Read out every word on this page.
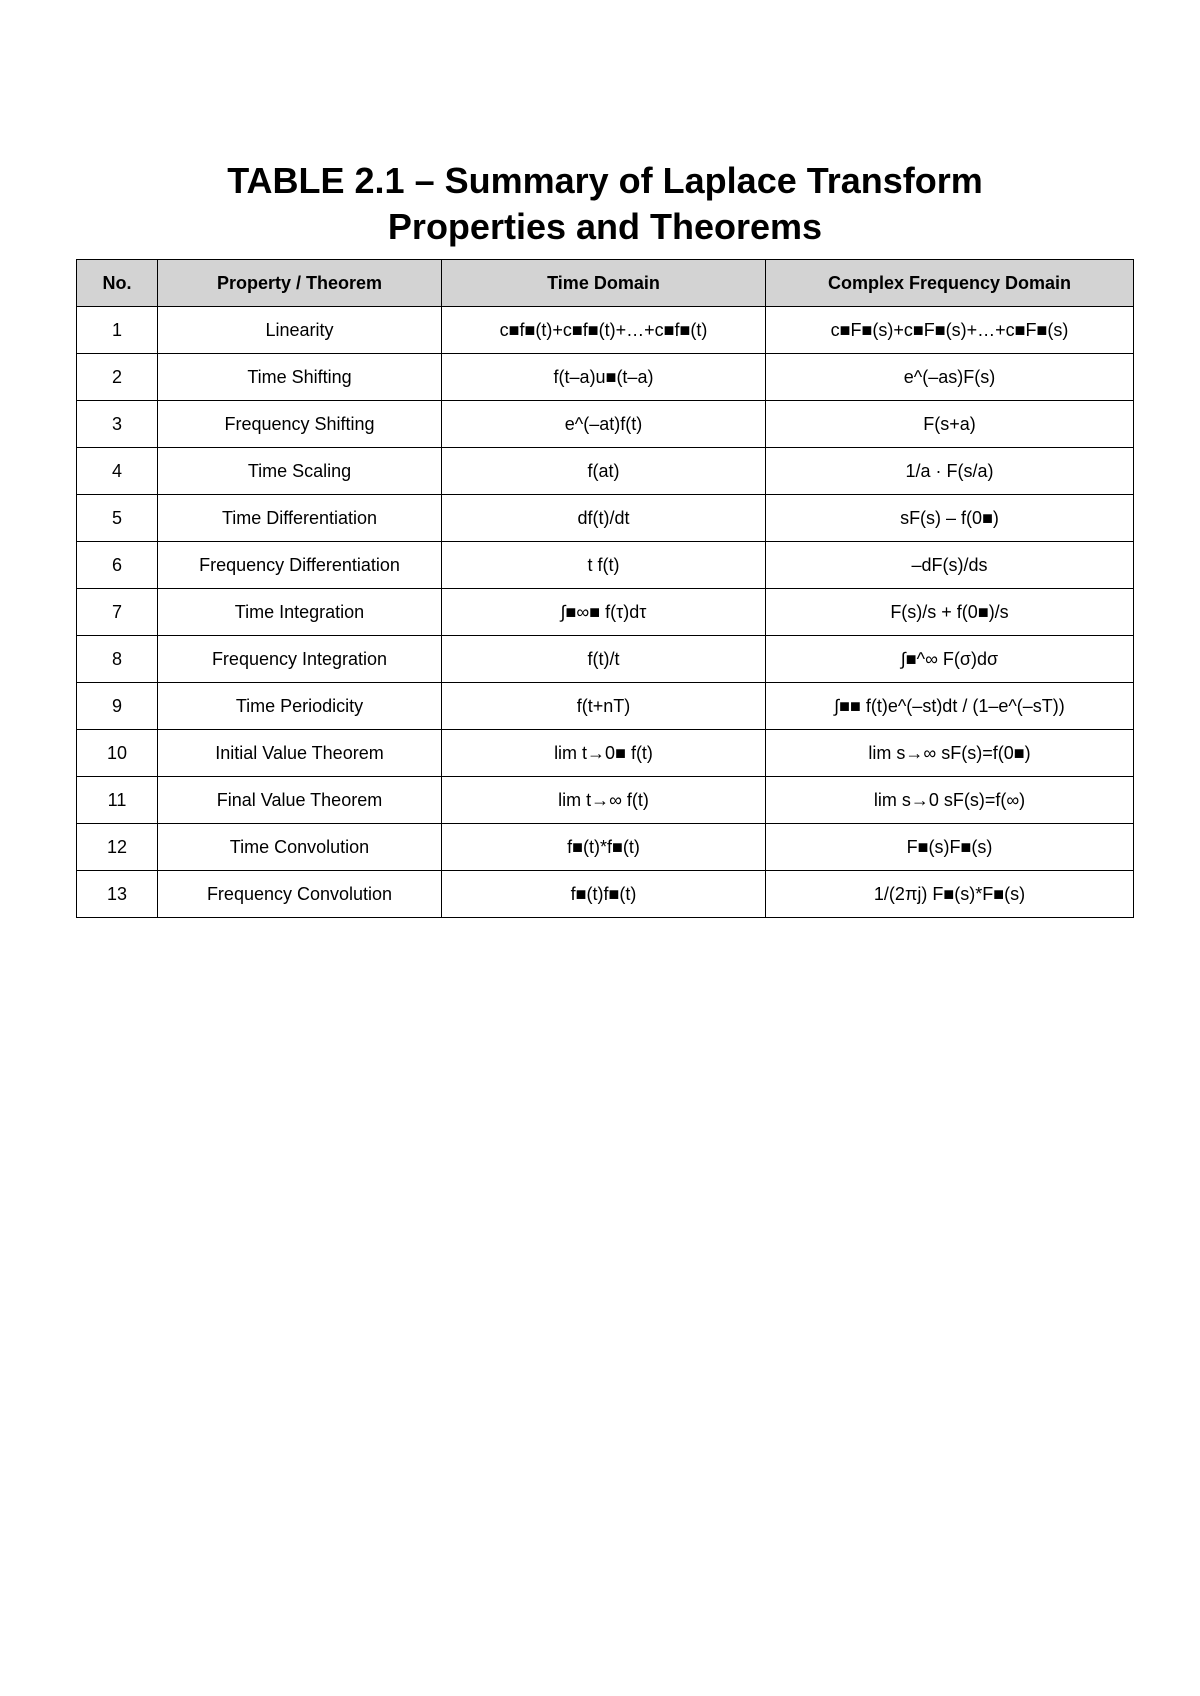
TABLE 2.1 – Summary of Laplace Transform
Properties and Theorems
No.	Property / Theorem	Time Domain	Complex Frequency Domain
1	Linearity	c■f■(t)+c■f■(t)+…+c■f■(t)	c■F■(s)+c■F■(s)+…+c■F■(s)
2	Time Shifting	f(t–a)u■(t–a)	e^(–as)F(s)
3	Frequency Shifting	e^(–at)f(t)	F(s+a)
4	Time Scaling	f(at)	1/a · F(s/a)
5	Time Differentiation	df(t)/dt	sF(s) – f(0■)
6	Frequency Differentiation	t f(t)	–dF(s)/ds
7	Time Integration	∫■∞■ f(τ)dτ	F(s)/s + f(0■)/s
8	Frequency Integration	f(t)/t	∫■^∞ F(σ)dσ
9	Time Periodicity	f(t+nT)	∫■■ f(t)e^(–st)dt / (1–e^(–sT))
10	Initial Value Theorem	lim t→0■ f(t)	lim s→∞ sF(s)=f(0■)
11	Final Value Theorem	lim t→∞ f(t)	lim s→0 sF(s)=f(∞)
12	Time Convolution	f■(t)*f■(t)	F■(s)F■(s)
13	Frequency Convolution	f■(t)f■(t)	1/(2πj) F■(s)*F■(s)
